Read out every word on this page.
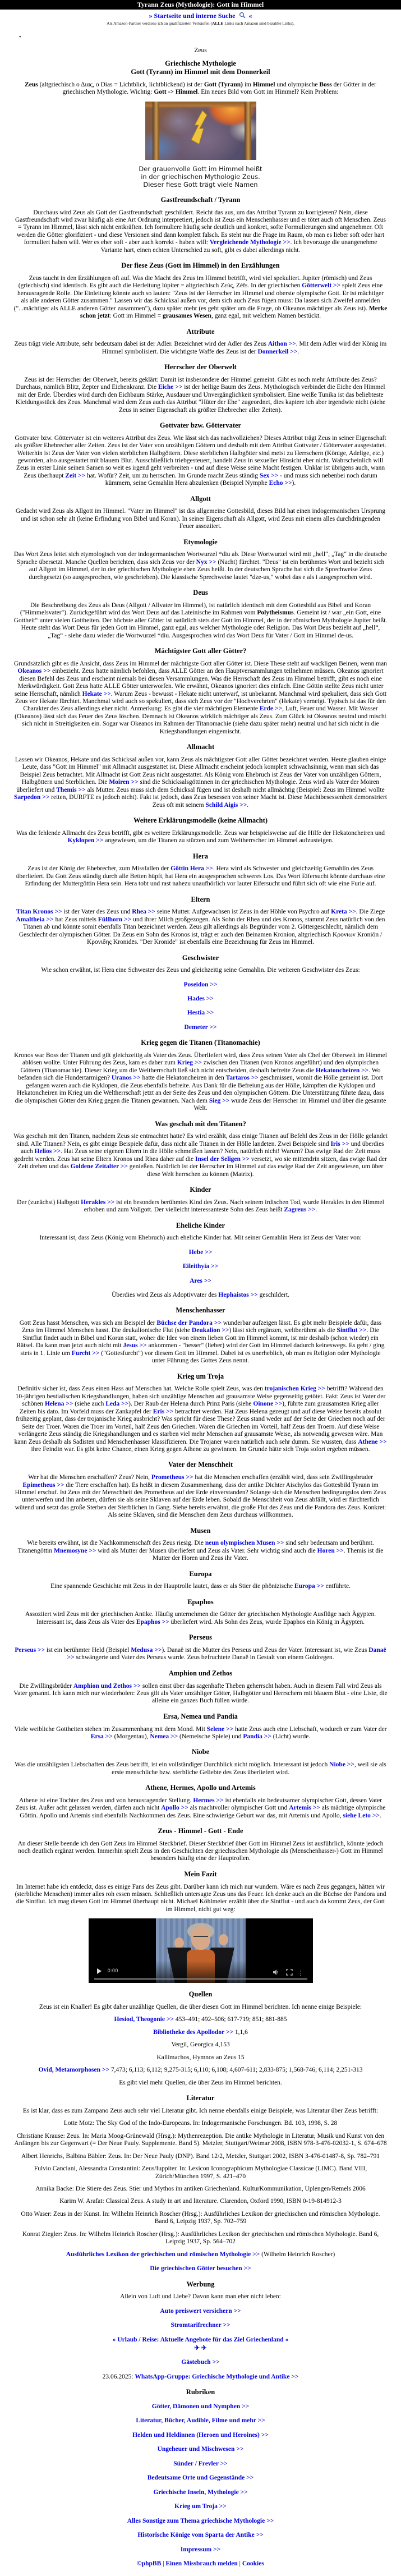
Tyrann Zeus (Mythologie): Gott im Himmel
» Startseite und interne Suche «
Als Amazon-Partner verdiene ich an qualifizierten Verkäufen (ALLE Links nach Amazon sind bezahlte Links).
•
Zeus
Griechische Mythologie
Gott (Tyrann) im Himmel mit dem Donnerkeil

Zeus (altgriechisch ο Διας, ο Dias = Lichtblick, lichtblickend) ist der Gott (Tyrann) im Himmel und olympische Boss der Götter in der griechischen Mythologie. Wichtig: Gott -> Himmel. Ein neues Bild vom Gott im Himmel? Kein Problem:

Der grauenvolle Gott im Himmel heißt
in der griechischen Mythologie Zeus.
Dieser fiese Gott trägt viele Namen
Gastfreundschaft / Tyrann

Durchaus wird Zeus als Gott der Gastfreundschaft geschildert. Reicht das aus, um das Attribut Tyrann zu korrigieren? Nein, diese Gastfreundschaft wird zwar häufig als eine Art Ordnung interpretiert, jedoch ist Zeus ein Menschenhasser und er tötet auch oft Menschen. Zeus = Tyrann im Himmel, lässt sich nicht entkräften. Ich formuliere häufig sehr deutlich und konkret, softe Formulierungen sind angenehmer. Oft werden die Götter glorifiziert - und diese Versionen sind dann komplett falsch. Es steht nur die Frage im Raum, ob man es lieber soft oder hart formuliert haben will. Wer es eher soft - aber auch korrekt - haben will: Vergleichende Mythologie >>. Ich bevorzuge die unangenehme Variante hart, einen echten Unterschied zu soft, gibt es dabei allerdings nicht.

Der fiese Zeus (Gott im Himmel) in den Erzählungen

Zeus taucht in den Erzählungen oft auf. Was die Macht des Zeus im Himmel betrifft, wird viel spekuliert. Jupiter (römisch) und Zeus (griechisch) sind identisch. Es gibt auch die Herleitung Iúpiter = altgriechisch Ζεύς, Zéfs. In der griechischen Götterwelt >> spielt Zeus eine herausragende Rolle. Die Einleitung könnte auch so lauten: "Zeus ist der Herrscher im Himmel und oberste olympische Gott. Er ist mächtiger als alle anderen Götter zusammen." Lassen wir das Schicksal außen vor, dem sich auch Zeus fügen muss: Da lassen sich Zweifel anmelden ("...mächtiger als ALLE anderen Götter zusammen"), dazu später mehr (es geht später um die Frage, ob Okeanos mächtiger als Zeus ist). Merke schon jetzt: Gott im Himmel = grausames Wesen, ganz egal, mit welchem Namen bestückt.

Attribute

Zeus trägt viele Attribute, sehr bedeutsam dabei ist der Adler. Bezeichnet wird der Adler des Zeus Aithon >>. Mit dem Adler wird der König im Himmel symbolisiert. Die wichtigste Waffe des Zeus ist der Donnerkeil >>.

Herrscher der Oberwelt

Zeus ist der Herrscher der Oberwelt, bereits geklärt: Damit ist insbesondere der Himmel gemeint. Gibt es noch mehr Attribute des Zeus? Durchaus, nämlich Blitz, Zepter und Eichenkranz. Die Eiche >> ist der heilige Baum des Zeus. Mythologisch verbindet die Eiche den Himmel mit der Erde. Überdies wird durch den Eichbaum Stärke, Ausdauer und Unvergänglichkeit symbolisiert. Eine weiße Tunika ist das beliebteste Kleidungsstück des Zeus. Manchmal wird dem Zeus auch das Attribut "Hüter der Ehe" zugeordnet, dies kapiere ich aber irgendwie nicht (siehe Zeus in seiner Eigenschaft als größter Ehebrecher aller Zeiten).

Gottvater bzw. Göttervater

Gottvater bzw. Göttervater ist ein weiteres Attribut des Zeus. Wie lässt sich das nachvollziehen? Dieses Attribut trägt Zeus in seiner Eigenschaft als größter Ehebrecher aller Zeiten. Zeus ist der Vater von unzähligen Göttern und deshalb mit dem Attribut Gottvater / Göttervater ausgestattet. Weiterhin ist Zeus der Vater von vielen sterblichen Halbgöttern. Diese sterblichen Halbgötter sind meist zu Herrschern (Könige, Adelige, etc.) geworden, also ausgestattet mit blauem Blut. Ausschließlich triebgesteuert, handelt Zeus in sexueller Hinsicht eher nicht. Wahrscheinlich will Zeus in erster Linie seinen Samen so weit es irgend geht verbreiten - und auf diese Weise seine Macht festigen. Unklar ist übrigens auch, wann Zeus überhaupt Zeit >> hat. Wofür? Zeit, um zu herrschen. Im Grunde macht Zeus ständig Sex >> - und muss sich nebenbei noch darum kümmern, seine Gemahlin Hera abzulenken (Beispiel Nymphe Echo >>).

Allgott

Gedacht wird Zeus als Allgott im Himmel. "Vater im Himmel" ist das allgemeine Gottesbild, dieses Bild hat einen indogermanischen Ursprung und ist schon sehr alt (keine Erfindung von Bibel und Koran). In seiner Eigenschaft als Allgott, wird Zeus mit einem alles durchdringenden Feuer assoziiert.

Etymologie

Das Wort Zeus leitet sich etymologisch von der indogermanischen Wortwurzel *diu ab. Diese Wortwurzel wird mit „hell“, „Tag“ in die deutsche Sprache übersetzt. Manche Quellen berichten, dass sich Zeus vor der Nyx >> (Nacht) fürchtet. "Deus" ist ein berühmtes Wort und bezieht sich auf Allgott im Himmel, der in der griechischen Mythologie eben Zeus heißt. In der deutschen Sprache hat sich die Sprechweise Zeus durchgesetzt (so ausgesprochen, wie geschrieben). Die klassische Sprechweise lautet "dze-us," wobei das e als i ausgesprochen wird.

Deus

Die Beschreibung des Zeus als Deus (Allgott / Allvater im Himmel), ist natürlich identisch mit dem Gottesbild aus Bibel und Koran ("Himmelsvater"). Zurückgeführt wird das Wort Deus auf das Lateinische im Rahmen vom Polytheismus. Gemeint ist / war „ein Gott, eine Gottheit“ unter vielen Gottheiten. Der höchste aller Götter ist natürlich stets der Gott im Himmel, der in der römischen Mythologie Jupiter heißt. Heute steht das Wort Deus für jeden Gott im Himmel, ganz egal, aus welcher Mythologie oder Religion. Das Wort Deus bezieht auf „hell“, „Tag“ - siehe dazu wieder die Wortwurzel *diu. Ausgesprochen wird das Wort Deus für Vater / Gott im Himmel de-us.

Mächtigster Gott aller Götter?

Grundsätzlich gibt es die Ansicht, dass Zeus im Himmel der mächtigste Gott aller Götter ist. Diese These steht auf wackligen Beinen, wenn man Okeanos >> einbezieht. Zeus hatte nämlich befohlen, dass ALLE Götter an den Hauptversammlungen teilnehmen müssen. Okeanos ignoriert diesen Befehl des Zeus und erscheint niemals bei diesen Versammlungen. Was die Herrschaft des Zeus im Himmel betrifft, gibt es noch eine Merkwürdigkeit. Gott Zeus hatte ALLE Götter unterworfen. Wie erwähnt, Okeanos ignoriert dies einfach. Eine Göttin stellte Zeus nicht unter seine Herrschaft, nämlich Hekate >>. Warum Zeus - bewusst - Hekate nicht unterwarf, ist unbekannt. Manchmal wird spekuliert, dass sich Gott Zeus vor Hekate fürchtet. Manchmal wird auch so spekuliert, dass sich Zeus vor der "Hochverehrten" (Hekate) verneigt. Typisch ist das für den Charakter des Zeus allerdings eher nicht. Anmerkung: Es gibt die vier mächtigen Elemente Erde >>, Luft, Feuer und Wasser. Mit Wasser (Okeanos) lässt sich das Feuer des Zeus löschen. Demnach ist Okeanos wirklich mächtiger als Zeus. Zum Glück ist Okeanos neutral und mischt sich nicht in Streitigkeiten ein. Sogar war Okeanos im Rahmen der Titanomachie (siehe dazu später mehr) neutral und hat sich nicht in die Kriegshandlungen eingemischt.

Allmacht

Lassen wir Okeanos, Hekate und das Schicksal außen vor, kann Zeus als mächtigster Gott aller Götter bezeichnet werden. Heute glauben einige Leute, dass "Gott im Himmel" mit Allmacht ausgestattet ist. Diese Allmacht erscheint jedoch komplett schwachsinnig, wenn man sich das Beispiel Zeus betrachtet. Mit Allmacht ist Gott Zeus nicht ausgestattet. Als König vom Ehebruch ist Zeus der Vater von unzähligen Göttern, Halbgöttern und Sterblichen. Die Moiren >> sind die Schicksalsgöttinnen in der griechischen Mythologie. Zeus wird als Vater der Moiren überliefert und Themis >> als Mutter. Zeus muss sich dem Schicksal fügen und ist deshalb nicht allmächtig (Beispiel: Zeus im Himmel wollte Sarpedon >> retten, DURFTE es jedoch nicht). Fakt ist jedoch, dass Zeus besessen von seiner Macht ist. Diese Machtbesessenheit demonstriert Zeus oft mit seinem Schild Aigis >>.

Weitere Erklärungsmodelle (keine Allmacht)

Was die fehlende Allmacht des Zeus betrifft, gibt es weitere Erklärungsmodelle. Zeus war beispielsweise auf die Hilfe der Hekatoncheiren und Kyklopen >> angewiesen, um die Titanen zu stürzen und zum Weltherrscher im Himmel aufzusteigen.

Hera

Zeus ist der König der Ehebrecher, zum Missfallen der Göttin Hera >>. Hera wird als Schwester und gleichzeitig Gemahlin des Zeus überliefert. Da Gott Zeus ständig durch alle Betten hüpft, hat Hera ein ausgesprochen schweres Los. Das Wort Eifersucht könnte durchaus eine Erfindung der Muttergöttin Hera sein. Hera tobt und rast nahezu unaufhörlich vor lauter Eifersucht und führt sich oft wie eine Furie auf.

Eltern

Titan Kronos >> ist der Vater des Zeus und Rhea >> seine Mutter. Aufgewachsen ist Zeus in der Höhle von Psychro auf Kreta >>. Die Ziege Amaltheia >> hat Zeus mittels Füllhorn >> und ihrer Milch großgezogen. Als Sohn der Rhea und des Kronos, stammt Zeus natürlich von den Titanen ab und könnte somit ebenfalls Titan bezeichnet werden. Zeus gilt allerdings als Begründer vom 2. Göttergeschlecht, nämlich dem Geschlecht der olympischen Götter. Da Zeus ein Sohn des Kronos ist, trägt er auch den Beinamen Kronion, altgriechisch Κρονιων Kroniōn / Κρονιδης Kronidēs. "Der Kronide" ist ebenfalls eine Bezeichnung für Zeus im Himmel.

Geschwister

Wie schon erwähnt, ist Hera eine Schwester des Zeus und gleichzeitig seine Gemahlin. Die weiteren Geschwister des Zeus:

Poseidon >>

Hades >>

Hestia >>

Demeter >>

Krieg gegen die Titanen (Titanomachie)

Kronos war Boss der Titanen und gilt gleichzeitig als Vater des Zeus. Überliefert wird, dass Zeus seinen Vater als Chef der Oberwelt im Himmel ablösen wollte. Unter Führung des Zeus, kam es daher zum Krieg >> zwischen den Titanen (von Kronos angeführt) und den olympischen Göttern (Titanomachie). Dieser Krieg um die Weltherrschaft ließ sich nicht entscheiden, deshalb befreite Zeus die Hekatoncheiren >>. Wo befanden sich die Hundertarmigen? Uranos >> hatte die Hekatoncheiren in den Tartaros >> geschmissen, womit die Hölle gemeint ist. Dort gefangen waren auch die Kyklopen, die Zeus ebenfalls befreite. Aus Dank für die Befreiung aus der Hölle, kämpften die Kyklopen und Hekatoncheiren im Krieg um die Weltherrschaft jetzt an der Seite des Zeus und den olympischen Göttern. Die Unterstützung führte dazu, dass die olympischen Götter den Krieg gegen die Titanen gewannen. Nach dem Sieg >> wurde Zeus der Herrscher im Himmel und über die gesamte Welt.

Was geschah mit den Titanen?

Was geschah mit den Titanen, nachdem Zeus sie entmachtet hatte? Es wird erzählt, dass einige Titanen auf Befehl des Zeus in der Hölle gelandet sind. Alle Titanen? Nein, es gibt einige Beispiele dafür, dass nicht alle Titanen in der Hölle landeten. Zwei Beispiele sind Iris >> und überdies auch Helios >>. Hat Zeus seine eigenen Eltern in die Hölle schmeißen lassen? Nein, natürlich nicht! Warum? Das ewige Rad der Zeit muss gedreht werden. Zeus hat seine Eltern Kronos und Rhea daher auf die Insel der Seligen >> versetzt, wo sie mittendrin sitzen, das ewige Rad der Zeit drehen und das Goldene Zeitalter >> genießen. Natürlich ist der Herrscher im Himmel auf das ewige Rad der Zeit angewiesen, um über diese Welt herrschen zu können (Matrix).

Kinder

Der (zunächst) Halbgott Herakles >> ist ein besonders berühmtes Kind des Zeus. Nach seinem irdischen Tod, wurde Herakles in den Himmel erhoben und zum Vollgott. Der vielleicht interessanteste Sohn des Zeus heißt Zagreus >>.

Eheliche Kinder

Interessant ist, dass Zeus (König vom Ehebruch) auch eheliche Kinder hat. Mit seiner Gemahlin Hera ist Zeus der Vater von:

Hebe >>

Eileithyia >>

Ares >>

Überdies wird Zeus als Adoptivvater des Hephaistos >> geschildert.

Menschenhasser

Gott Zeus hasst Menschen, was sich am Beispiel der Büchse der Pandora >> wunderbar aufzeigen lässt. Es gibt mehr Beispiele dafür, dass Zeus im Himmel Menschen hasst. Die deukalionische Flut (siehe Deukalion >>) lässt sich ergänzen, weltberühmt als die Sintflut >>. Die Sintflut findet auch in Bibel und Koran statt, woher die Idee von einem lieben Gott im Himmel kommt, ist mir deshalb (schon wieder) ein Rätsel. Da kann man jetzt auch nicht mit Jesus >> ankommen - "besser" (lieber) wird der Gott im Himmel dadurch keineswegs. Es geht / ging stets in 1. Linie um Furcht >> ("Gottesfurcht") vor diesem Gott im Himmel. Dabei ist es unerheblich, ob man es Religion oder Mythologie unter Führung des Gottes Zeus nennt.

Krieg um Troja

Definitiv sicher ist, dass Zeus einen Hass auf Menschen hat. Welche Rolle spielt Zeus, was den trojanischen Krieg >> betrifft? Während den 10-jährigen bestialischen Kriegshandlungen, haben sich unzählige Menschen auf grausamste Weise gegenseitig getötet. Fakt: Zeus ist Vater der schönen Helena >> (siehe auch Leda >>). Der Raub der Helena durch Prinz Paris (siehe Oinone >>), führte zum grausamsten Krieg aller Zeiten bis dato. Im Vorfeld muss der Zankapfel der Eris >> betrachtet werden. Hat Zeus Helena gezeugt und auf diese Weise bereits absolut frühzeitig geplant, dass der trojanische Krieg ausbricht? Was spricht für diese These? Zeus stand weder auf der Seite der Griechen noch auf der Seite der Troer. Waren die Troer im Vorteil, half Zeus den Griechen. Waren die Griechen im Vorteil, half Zeus den Troern. Auf diese Weise verlängerte Zeus ständig die Kriegshandlungen und es starben viel mehr Menschen auf grausamste Weise, als notwendig gewesen wäre. Man kann Zeus deshalb als Sadisten und Menschenhasser klassifizieren. Die Trojaner waren natürlich auch sehr dumm. Sie wussten, dass Athene >> ihre Feindin war. Es gibt keine Chance, einen Krieg gegen Athene zu gewinnen. Im Grunde hätte sich Troja sofort ergeben müssen.

Vater der Menschheit

Wer hat die Menschen erschaffen? Zeus? Nein, Prometheus >> hat die Menschen erschaffen (erzählt wird, dass sein Zwillingsbruder Epimetheus >> die Tiere erschaffen hat). Es heißt in diesem Zusammenhang, dass der antike Dichter Aischylos das Gottesbild Tyrann im Himmel erschuf. Ist Zeus mit der Menschheit des Prometheus auf der Erde einverstanden? Solange sich die Menschen bedingungslos dem Zeus unterwerfen und ihn anbeten, dürfen sie als seine Sklaven auf der Erde leben. Sobald die Menschheit von Zeus abfällt, wird er fürchterlich wütend und setzt das große Sterben der Sterblichen in Gang. Siehe bereits erwähnt, die große Flut des Zeus und die Pandora des Zeus. Konkret: Als seine Sklaven, sind die Menschen dem Zeus durchaus willkommen.

Musen

Wie bereits erwähnt, ist die Nachkommenschaft des Zeus riesig. Die neun olympischen Musen >> sind sehr bedeutsam und berühmt. Titanengöttin Mnemosyne >> wird als Mutter der Musen überliefert und Zeus als Vater. Sehr wichtig sind auch die Horen >>. Themis ist die Mutter der Horen und Zeus ihr Vater.

Europa

Eine spannende Geschichte mit Zeus in der Hauptrolle lautet, dass er als Stier die phönizische Europa >> entführte.

Epaphos

Assoziiert wird Zeus mit der griechischen Antike. Häufig unternehmen die Götter der griechischen Mythologie Ausflüge nach Ägypten. Interessant ist, dass Zeus als Vater des Epaphos >> überliefert wird. Als Sohn des Zeus, wurde Epaphos ein König in Ägypten.

Perseus

Perseus >> ist ein berühmter Held (Beispiel Medusa >>). Danaë ist die Mutter des Perseus und Zeus der Vater. Interessant ist, wie Zeus Danaë >> schwängerte und Vater des Perseus wurde. Zeus befruchtete Danaë in Gestalt von einem Goldregen.

Amphion und Zethos

Die Zwillingsbrüder Amphion und Zethos >> sollen einst über das sagenhafte Theben geherrscht haben. Auch in diesem Fall wird Zeus als Vater genannt. Ich kann mich nur wiederholen: Zeus gilt als Vater unzähliger Götter, Halbgötter und Herrschern mit blauem Blut - eine Liste, die alleine ein ganzes Buch füllen würde.

Ersa, Nemea und Pandia

Viele weibliche Gottheiten stehen im Zusammenhang mit dem Mond. Mit Selene >> hatte Zeus auch eine Liebschaft, wodurch er zum Vater der Ersa >> (Morgentau), Nemea >> (Nemeische Spiele) und Pandia >> (Licht) wurde.

Niobe

Was die unzähligsten Liebschaften des Zeus betrifft, ist ein vollständiger Durchblick nicht möglich. Interessant ist jedoch Niobe >>, weil sie als erste menschliche bzw. sterbliche Geliebte des Zeus überliefert wird.

Athene, Hermes, Apollo und Artemis

Athene ist eine Tochter des Zeus und von herausragender Stellung. Hermes >> ist ebenfalls ein bedeutsamer olympischer Gott, dessen Vater Zeus ist. Außer acht gelassen werden, dürfen auch nicht Apollo >> als machtvoller olympischer Gott und Artemis >> als mächtige olympische Göttin. Apollo und Artemis sind ebenfalls Nachkommen des Zeus. Eine schwierige Geburt war das, mit Artemis und Apollo, siehe Leto >>.

Zeus - Himmel - Gott - Ende

An dieser Stelle beende ich den Gott Zeus im Himmel Steckbrief. Dieser Steckbrief über Gott im Himmel Zeus ist ausführlich, könnte jedoch noch deutlich ergänzt werden. Immerhin spielt Zeus in den Geschichten der griechischen Mythologie als (Menschenhasser-) Gott im Himmel besonders häufig eine der Hauptrollen.

Mein Fazit

Im Internet habe ich entdeckt, dass es einige Fans des Zeus gibt. Darüber kann ich mich nur wundern. Wäre es nach Zeus gegangen, hätten wir (sterbliche Menschen) immer alles roh essen müssen. Schließlich untersagte Zeus uns das Feuer. Ich denke auch an die Büchse der Pandora und die Sintflut. Ich mag diesen Gott im Himmel überhaupt nicht. Michael Köhlmeier erzählt über die Sintflut - und auch da kommt Zeus, der Gott im Himmel, nicht gut weg:

0:00	⋮
Quellen

Zeus ist ein Knaller! Es gibt daher unzählige Quellen, die über diesen Gott im Himmel berichten. Ich nenne einige Beispiele:

Hesiod, Theogonie >> 453–491; 492–506; 617-719; 851; 881-885

Bibliotheke des Apollodor >> 1,1,6

Vergil, Georgica 4,153

Kallimachos, Hymnos an Zeus 15

Ovid, Metamorphosen >> 7,473; 6,113; 6,112; 9,275-315; 6,110; 6,108; 4,607-611; 2,833-875; 1,568-746; 6,114; 2,251-313

Es gibt viel mehr Quellen, die über Zeus im Himmel berichten.

Literatur

Es ist klar, dass es zum Zampano Zeus auch sehr viel Literatur gibt. Ich nenne ebenfalls einige Beispiele, was Literatur über Zeus betrifft:

Lotte Motz: The Sky God of the Indo-Europeans. In: Indogermanische Forschungen. Bd. 103, 1998, S. 28

Christiane Krause: Zeus. In: Maria Moog-Grünewald (Hrsg.): Mythenrezeption. Die antike Mythologie in Literatur, Musik und Kunst von den Anfängen bis zur Gegenwart (= Der Neue Pauly. Supplemente. Band 5). Metzler, Stuttgart/Weimar 2008, ISBN 978-3-476-02032-1, S. 674–678

Albert Henrichs, Balbina Bäbler: Zeus. In: Der Neue Pauly (DNP). Band 12/2, Metzler, Stuttgart 2002, ISBN 3-476-01487-8, Sp. 782–791

Fulvio Canciani, Alessandra Constantini: Zeus/Iuppiter. In: Lexicon Iconographicum Mythologiae Classicae (LIMC). Band VIII, Zürich/München 1997, S. 421–470

Annika Backe: Die Stiere des Zeus. Stier und Mythos im antiken Griechenland. KulturKommunikation, Uplengen/Remels 2006

Karim W. Arafat: Classical Zeus. A study in art and literature. Clarendon, Oxford 1990, ISBN 0-19-814912-3

Otto Waser: Zeus in der Kunst. In: Wilhelm Heinrich Roscher (Hrsg.): Ausführliches Lexikon der griechischen und römischen Mythologie. Band 6, Leipzig 1937, Sp. 702–759

Konrat Ziegler: Zeus. In: Wilhelm Heinrich Roscher (Hrsg.): Ausführliches Lexikon der griechischen und römischen Mythologie. Band 6, Leipzig 1937, Sp. 564–702

Ausführliches Lexikon der griechischen und römischen Mythologie >> (Wilhelm Heinrich Roscher)

Die griechischen Götter besuchen >>

Werbung

Allein von Luft und Liebe? Davon kann man eher nicht leben:

Auto preiswert versichern >>

Stromtarifrechner >>

» Urlaub / Reise: Aktuelle Angebote für das Ziel Griechenland «

✈ ✈

Gästebuch >>

23.06.2025: WhatsApp-Gruppe: Griechische Mythologie und Antike >>

Rubriken

Götter, Dämonen und Nymphen >>

Literatur, Bücher, Audible, Filme und mehr >>

Helden und Heldinnen (Heroen und Heroines) >>

Ungeheuer und Mischwesen >>

Sünder / Frevler >>

Bedeutsame Orte und Gegenstände >>

Griechische Inseln, Mythologie >>

Krieg um Troja >>

Alles Sonstige zum Thema griechische Mythologie >>

Historische Könige vom Sparta der Antike >>

Impressum >>

©phpBB | Einen Missbrauch melden | Cookies
